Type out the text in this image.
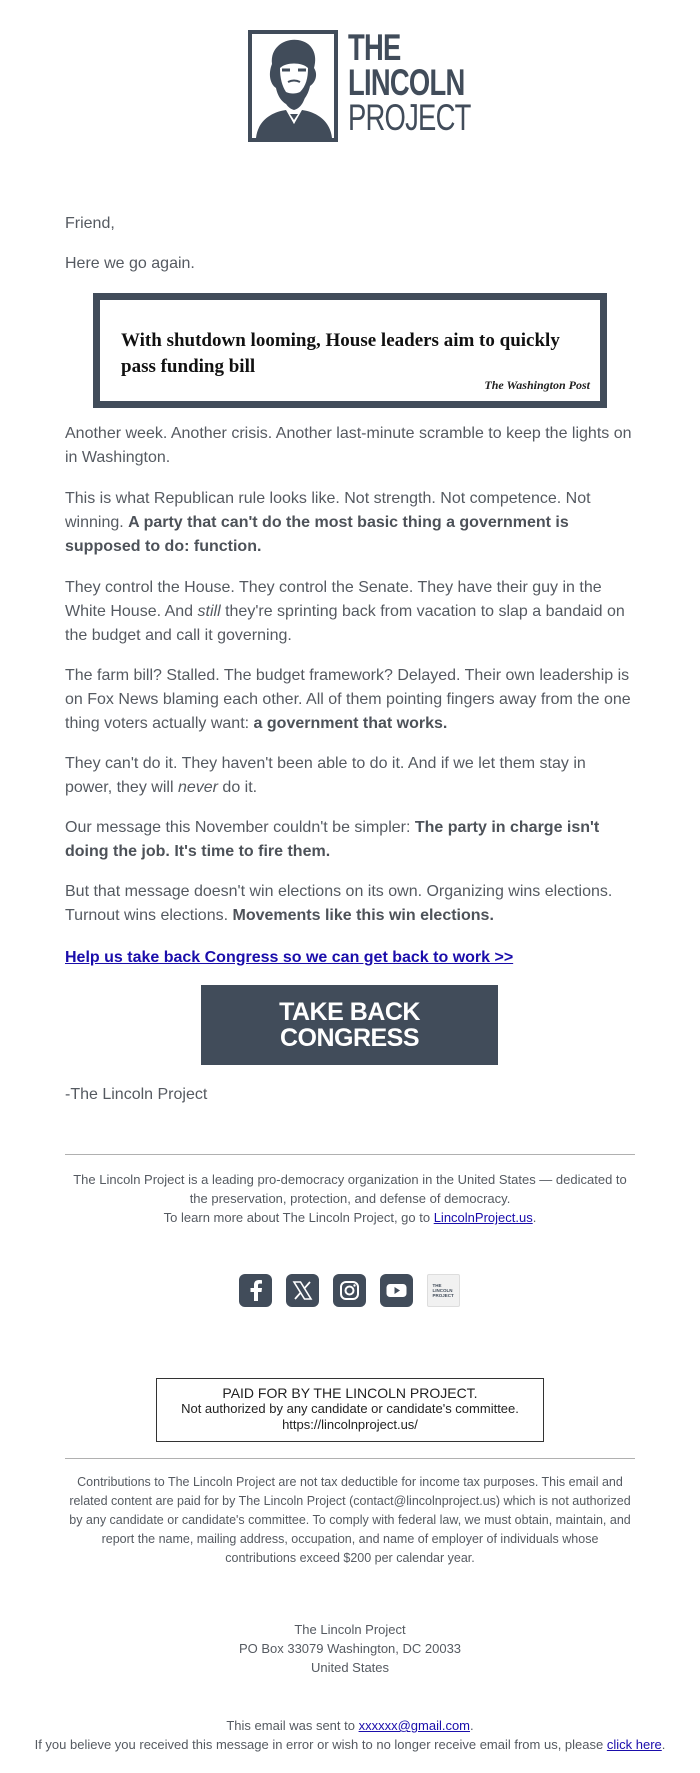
THE
LINCOLN
PROJECT

Friend,

Here we go again.

Another week. Another crisis. Another last-minute scramble to keep the lights on in Washington.

This is what Republican rule looks like. Not strength. Not competence. Not winning. A party that can't do the most basic thing a government is supposed to do: function.

They control the House. They control the Senate. They have their guy in the White House. And still they're sprinting back from vacation to slap a bandaid on the budget and call it governing.

The farm bill? Stalled. The budget framework? Delayed. Their own leadership is on Fox News blaming each other. All of them pointing fingers away from the one thing voters actually want: a government that works.

They can't do it. They haven't been able to do it. And if we let them stay in power, they will never do it.

Our message this November couldn't be simpler: The party in charge isn't doing the job. It's time to fire them.

But that message doesn't win elections on its own. Organizing wins elections. Turnout wins elections. Movements like this win elections.

With shutdown looming, House leaders aim to quickly pass funding bill
The Washington Post
Help us take back Congress so we can get back to work >>
TAKE BACK
CONGRESS
-The Lincoln Project
The Lincoln Project is a leading pro-democracy organization in the United States — dedicated to the preservation, protection, and defense of democracy.
To learn more about The Lincoln Project, go to LincolnProject.us.
THE LINCOLN PROJECT
PAID FOR BY THE LINCOLN PROJECT.
Not authorized by any candidate or candidate's committee.
https://lincolnproject.us/
Contributions to The Lincoln Project are not tax deductible for income tax purposes. This email and related content are paid for by The Lincoln Project (contact@lincolnproject.us) which is not authorized by any candidate or candidate's committee. To comply with federal law, we must obtain, maintain, and report the name, mailing address, occupation, and name of employer of individuals whose contributions exceed $200 per calendar year.
The Lincoln Project
PO Box 33079 Washington, DC 20033
United States
This email was sent to xxxxxx@gmail.com.
If you believe you received this message in error or wish to no longer receive email from us, please click here.
